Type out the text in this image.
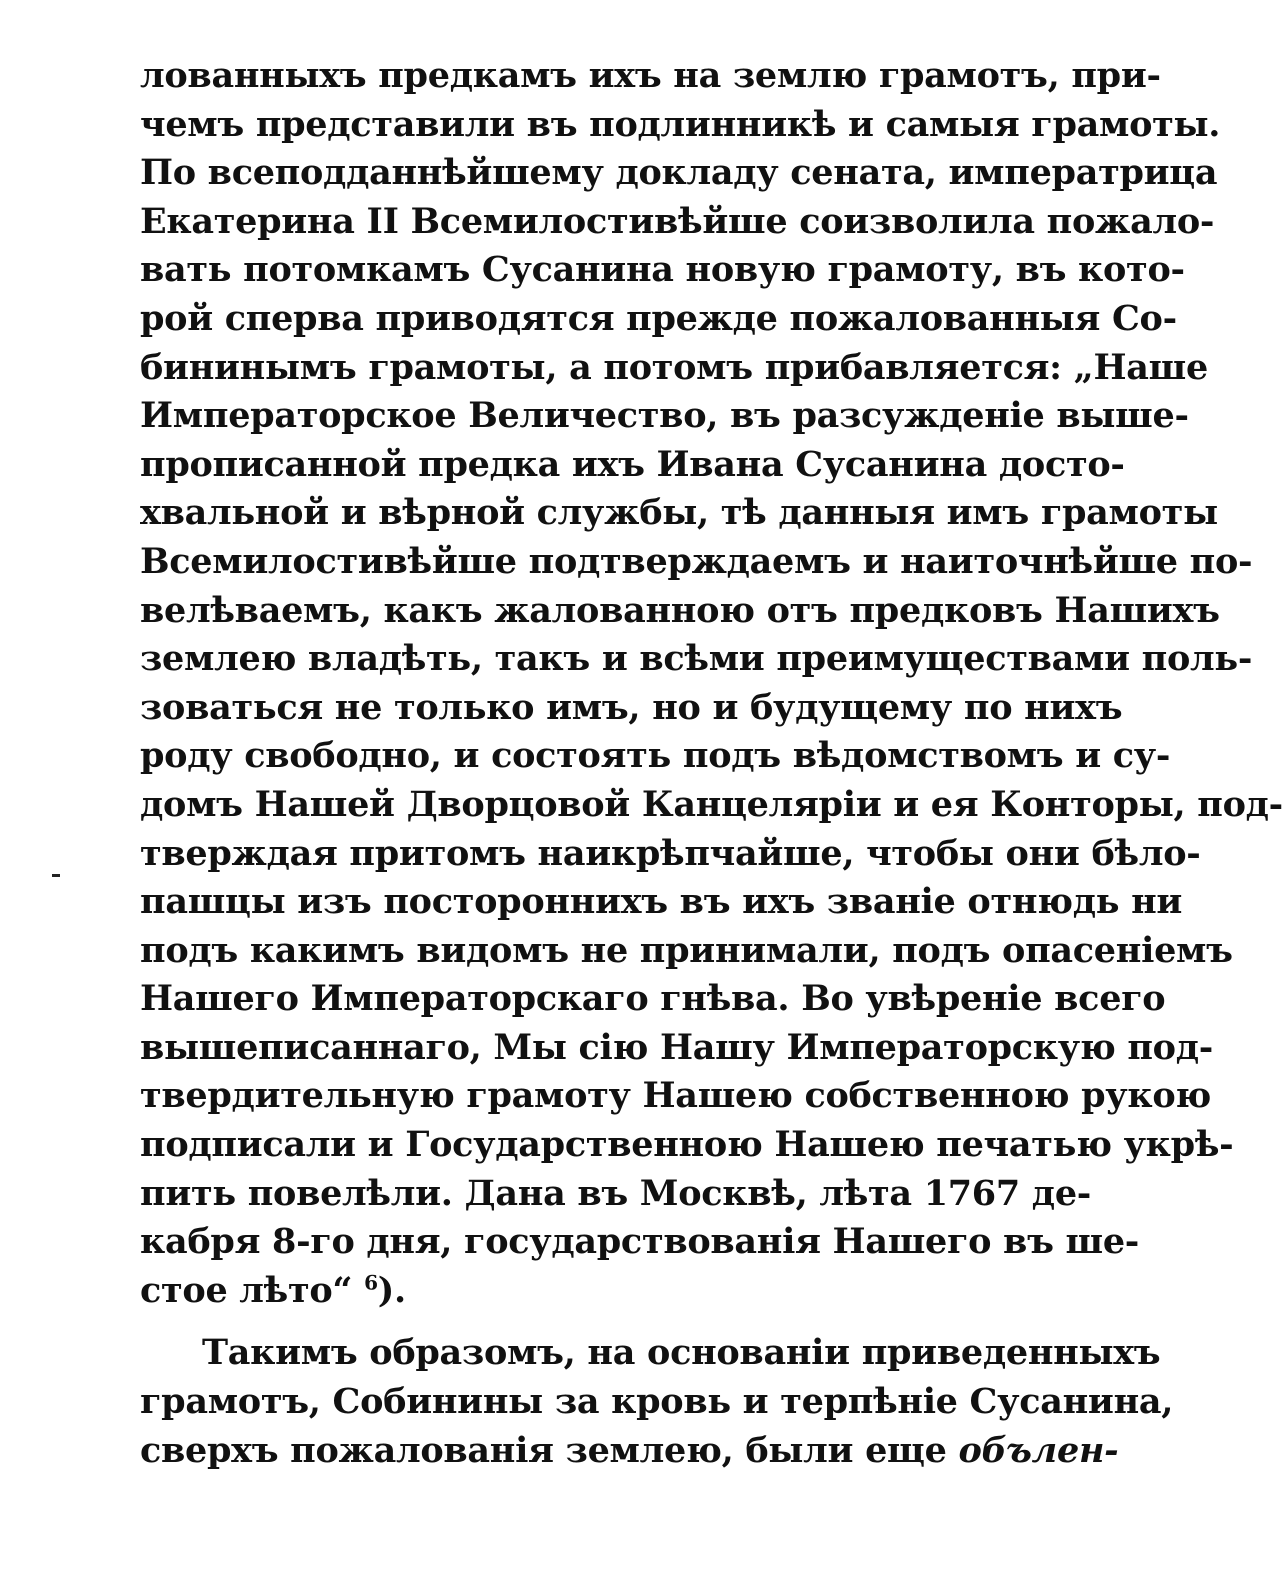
лованныхъ предкамъ ихъ на землю грамотъ, при-
чемъ представили въ подлинникѣ и самыя грамоты.
По всеподданнѣйшему докладу сената, императрица
Екатерина II Всемилостивѣйше соизволила пожало-
вать потомкамъ Сусанина новую грамоту, въ кото-
рой сперва приводятся прежде пожалованныя Со-
бининымъ грамоты, а потомъ прибавляется: „Наше
Императорское Величество, въ разсужденіе выше-
прописанной предка ихъ Ивана Сусанина досто-
хвальной и вѣрной службы, тѣ данныя имъ грамоты
Всемилостивѣйше подтверждаемъ и наиточнѣйше по-
велѣваемъ, какъ жалованною отъ предковъ Нашихъ
землею владѣть, такъ и всѣми преимуществами поль-
зоваться не только имъ, но и будущему по нихъ
роду свободно, и состоять подъ вѣдомствомъ и су-
домъ Нашей Дворцовой Канцеляріи и ея Конторы, под-
тверждая притомъ наикрѣпчайше, чтобы они бѣло-
пашцы изъ постороннихъ въ ихъ званіе отнюдь ни
подъ какимъ видомъ не принимали, подъ опасеніемъ
Нашего Императорскаго гнѣва. Во увѣреніе всего
вышеписаннаго, Мы сію Нашу Императорскую под-
твердительную грамоту Нашею собственною рукою
подписали и Государственною Нашею печатью укрѣ-
пить повелѣли. Дана въ Москвѣ, лѣта 1767 де-
кабря 8-го дня, государствованія Нашего въ ше-
стое лѣто“ $^6$).
Такимъ образомъ, на основаніи приведенныхъ
грамотъ, Собинины за кровь и терпѣніе Сусанина,
сверхъ пожалованія землею, были еще обълен-
